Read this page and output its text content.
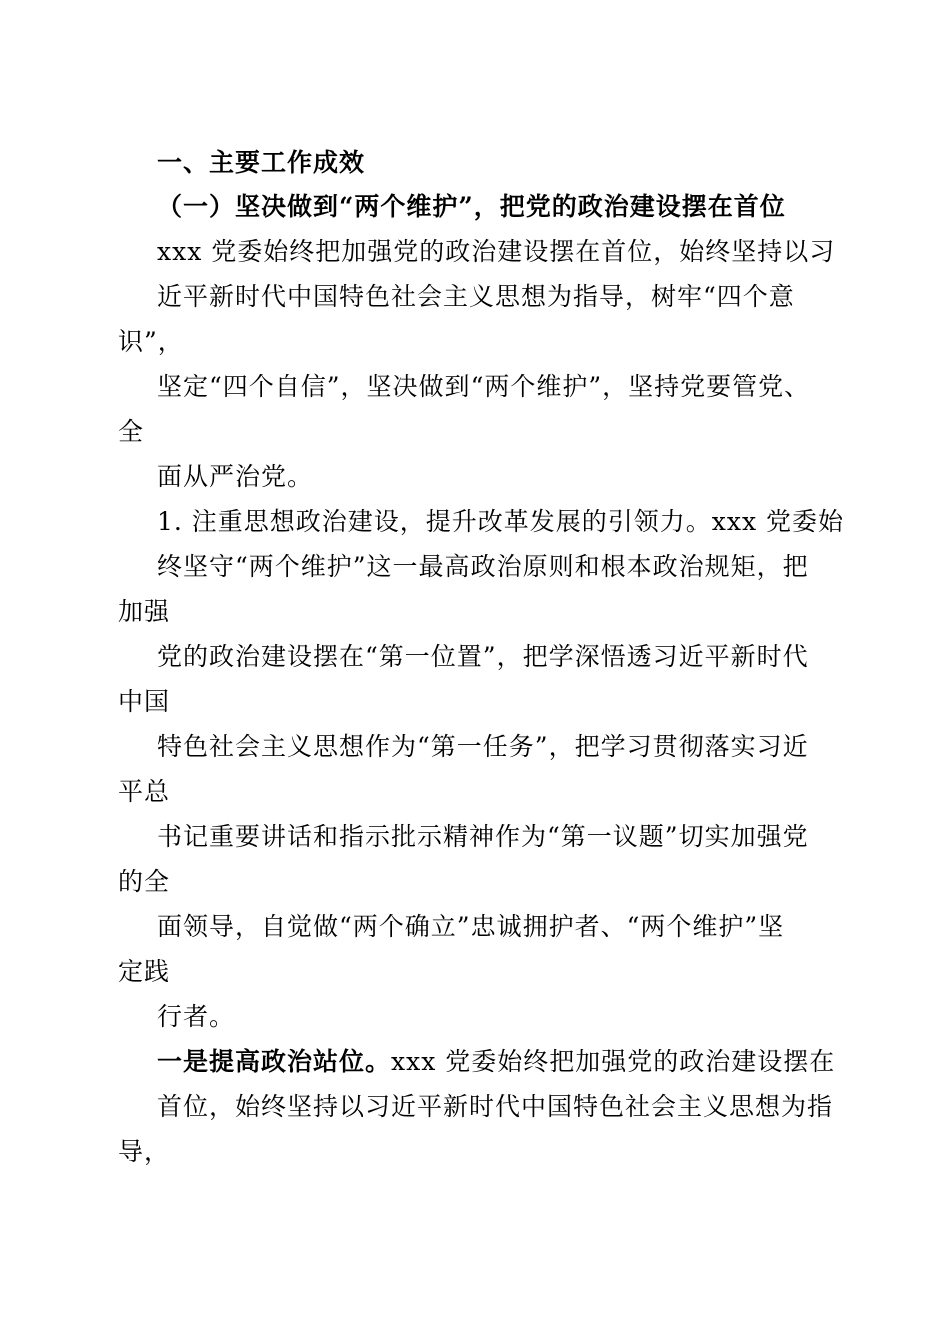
一、主要工作成效
（一）坚决做到“两个维护”，把党的政治建设摆在首位
xxx 党委始终把加强党的政治建设摆在首位，始终坚持以习
近平新时代中国特色社会主义思想为指导，树牢“四个意
识”，
坚定“四个自信”，坚决做到“两个维护”，坚持党要管党、
全
面从严治党。
1. 注重思想政治建设，提升改革发展的引领力。xxx 党委始
终坚守“两个维护”这一最高政治原则和根本政治规矩，把
加强
党的政治建设摆在“第一位置”，把学深悟透习近平新时代
中国
特色社会主义思想作为“第一任务”，把学习贯彻落实习近
平总
书记重要讲话和指示批示精神作为“第一议题”切实加强党
的全
面领导，自觉做“两个确立”忠诚拥护者、“两个维护”坚
定践
行者。
一是提高政治站位。xxx 党委始终把加强党的政治建设摆在
首位，始终坚持以习近平新时代中国特色社会主义思想为指
导，
